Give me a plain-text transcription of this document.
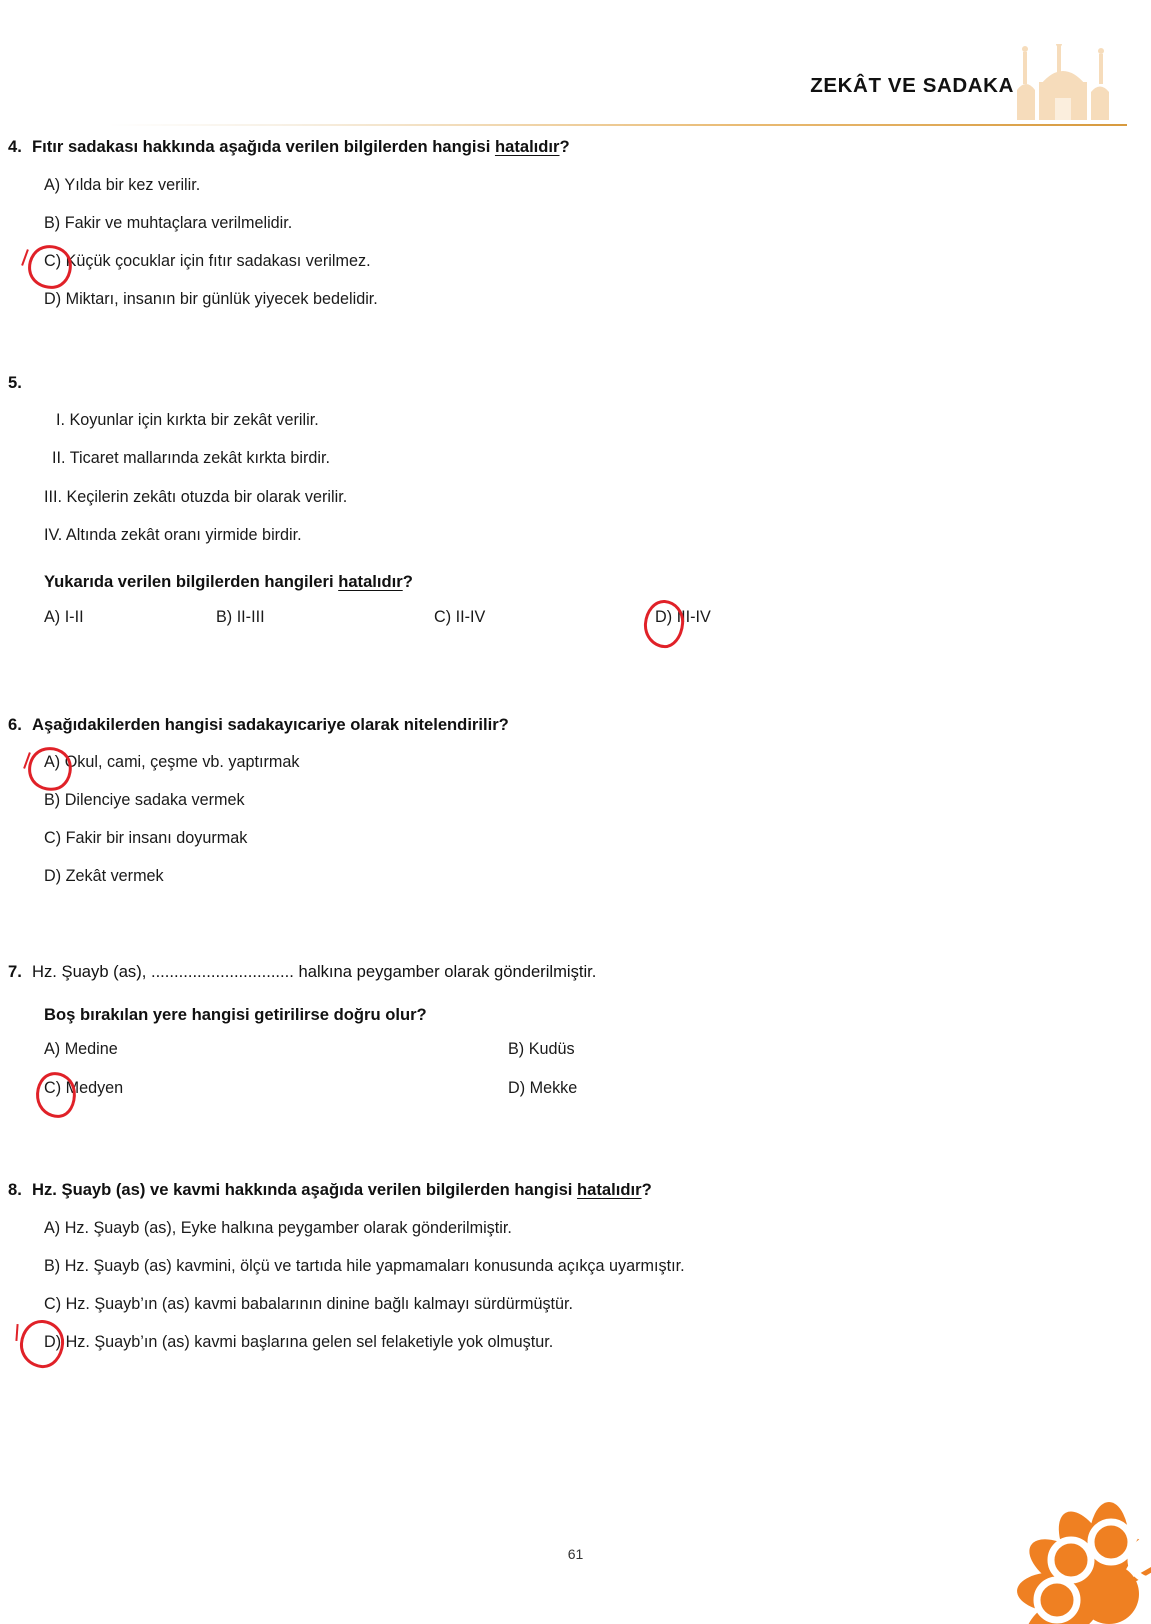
ZEKÂT VE SADAKA
4. Fıtır sadakası hakkında aşağıda verilen bilgilerden hangisi hatalıdır?
A) Yılda bir kez verilir.
B) Fakir ve muhtaçlara verilmelidir.
C) Küçük çocuklar için fıtır sadakası verilmez.
D) Miktarı, insanın bir günlük yiyecek bedelidir.
5.
I. Koyunlar için kırkta bir zekât verilir.
II. Ticaret mallarında zekât kırkta birdir.
III. Keçilerin zekâtı otuzda bir olarak verilir.
IV. Altında zekât oranı yirmide birdir.
Yukarıda verilen bilgilerden hangileri hatalıdır?
A) I-II	B) II-III	C) II-IV	D) III-IV
6. Aşağıdakilerden hangisi sadakayıcariye olarak nitelendirilir?
A) Okul, cami, çeşme vb. yaptırmak
B) Dilenciye sadaka vermek
C) Fakir bir insanı doyurmak
D) Zekât vermek
7. Hz. Şuayb (as), ............................... halkına peygamber olarak gönderilmiştir.
Boş bırakılan yere hangisi getirilirse doğru olur?
A) Medine	B) Kudüs
C) Medyen	D) Mekke
8. Hz. Şuayb (as) ve kavmi hakkında aşağıda verilen bilgilerden hangisi hatalıdır?
A) Hz. Şuayb (as), Eyke halkına peygamber olarak gönderilmiştir.
B) Hz. Şuayb (as) kavmini, ölçü ve tartıda hile yapmamaları konusunda açıkça uyarmıştır.
C) Hz. Şuayb’ın (as) kavmi babalarının dinine bağlı kalmayı sürdürmüştür.
D) Hz. Şuayb’ın (as) kavmi başlarına gelen sel felaketiyle yok olmuştur.
61
